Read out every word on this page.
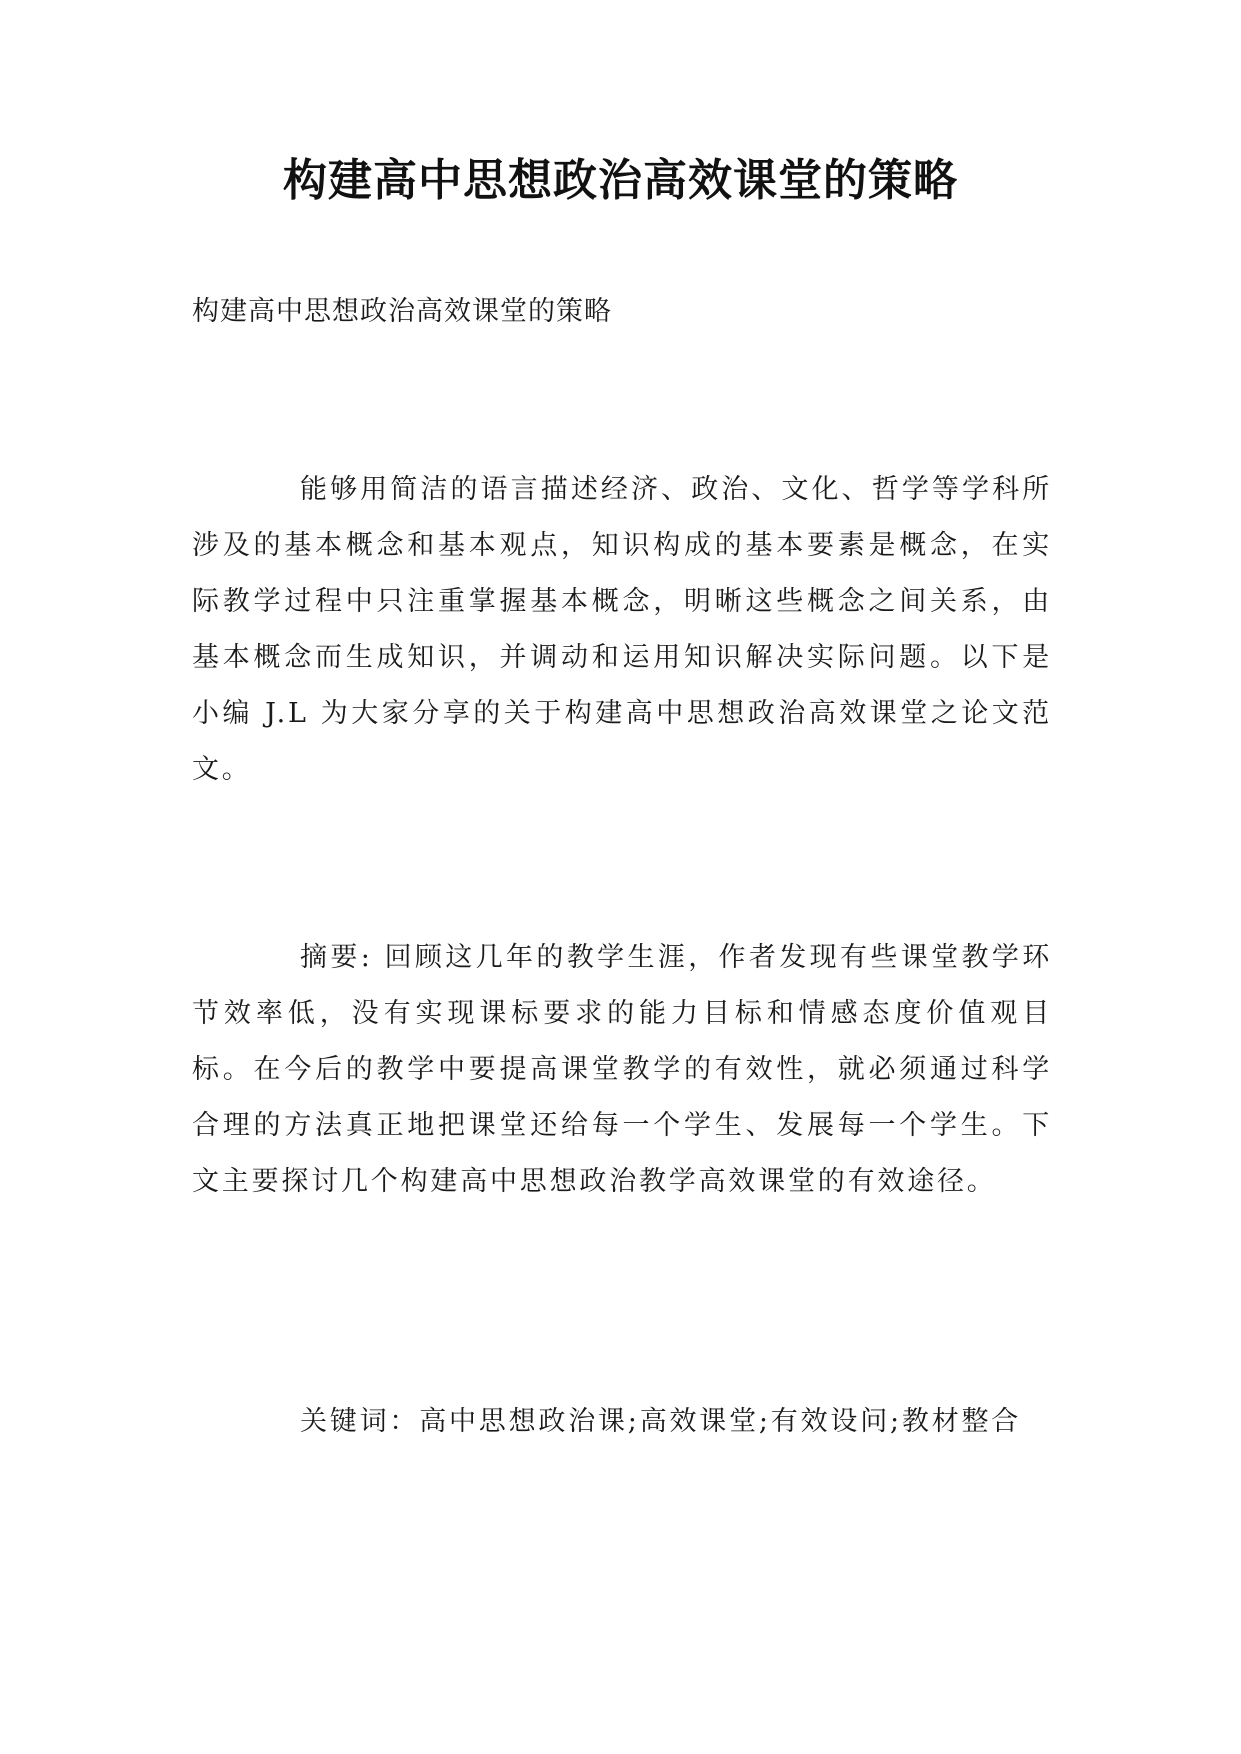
构建高中思想政治高效课堂的策略
构建高中思想政治高效课堂的策略

能够用简洁的语言描述经济、政治、文化、哲学等学科所涉及的基本概念和基本观点，知识构成的基本要素是概念，在实际教学过程中只注重掌握基本概念，明晰这些概念之间关系，由基本概念而生成知识，并调动和运用知识解决实际问题。以下是小编 J.L 为大家分享的关于构建高中思想政治高效课堂之论文范文。

摘要: 回顾这几年的教学生涯，作者发现有些课堂教学环节效率低，没有实现课标要求的能力目标和情感态度价值观目标。在今后的教学中要提高课堂教学的有效性，就必须通过科学合理的方法真正地把课堂还给每一个学生、发展每一个学生。下文主要探讨几个构建高中思想政治教学高效课堂的有效途径。

关键词：高中思想政治课;高效课堂;有效设问;教材整合
